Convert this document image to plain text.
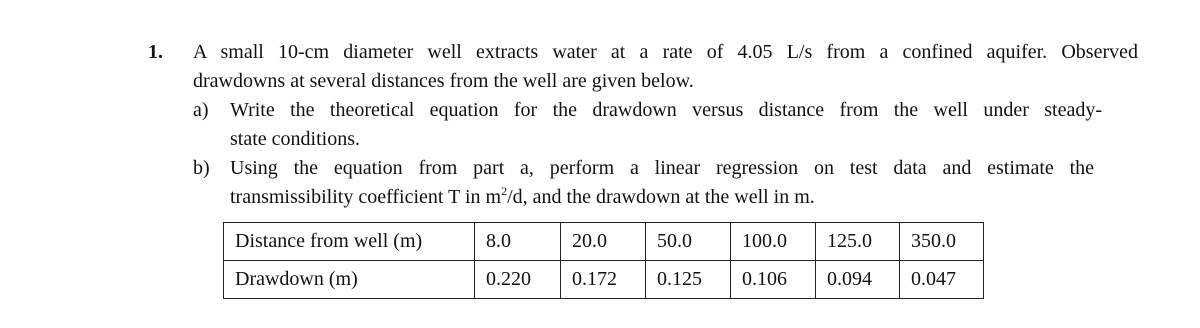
1. A small 10-cm diameter well extracts water at a rate of 4.05 L/s from a confined aquifer. Observed
drawdowns at several distances from the well are given below.
a) Write the theoretical equation for the drawdown versus distance from the well under steady-
state conditions.
b) Using the equation from part a, perform a linear regression on test data and estimate the
transmissibility coefficient T in $m^2/d$, and the drawdown at the well in m.
Distance from well (m)	8.0	20.0	50.0	100.0	125.0	350.0
Drawdown (m)	0.220	0.172	0.125	0.106	0.094	0.047
